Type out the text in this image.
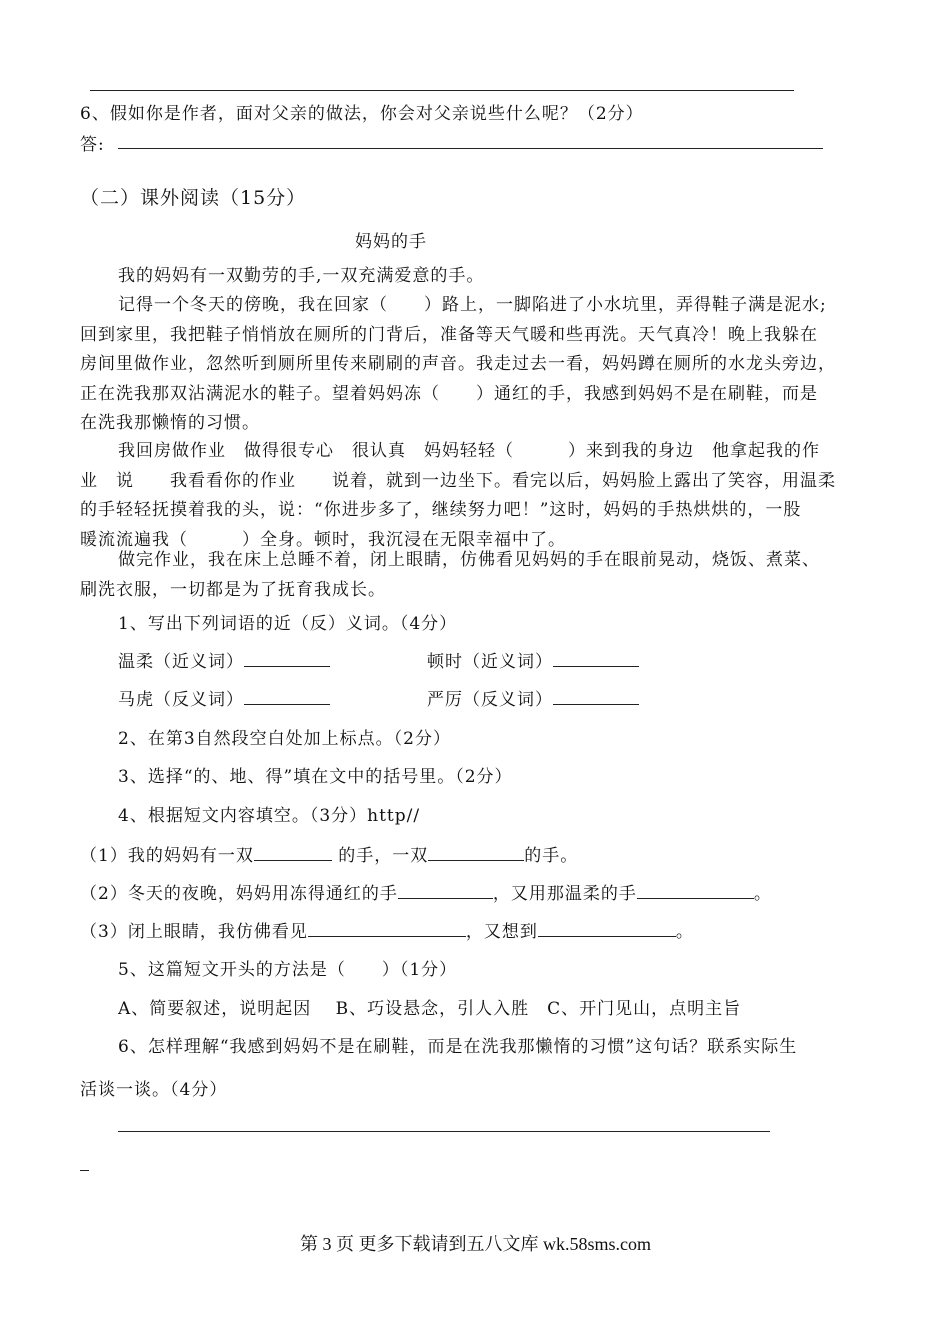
6、假如你是作者，面对父亲的做法，你会对父亲说些什么呢？（2分）
答:
（二）课外阅读（15分）
妈妈的手
我的妈妈有一双勤劳的手,一双充满爱意的手。
记得一个冬天的傍晚，我在回家（　　）路上，一脚陷进了小水坑里，弄得鞋子满是泥水;
回到家里，我把鞋子悄悄放在厕所的门背后，准备等天气暖和些再洗。天气真冷！晚上我躲在
房间里做作业，忽然听到厕所里传来刷刷的声音。我走过去一看，妈妈蹲在厕所的水龙头旁边，
正在洗我那双沾满泥水的鞋子。望着妈妈冻（　　）通红的手，我感到妈妈不是在刷鞋，而是
在洗我那懒惰的习惯。
我回房做作业　做得很专心　很认真　妈妈轻轻（　　　）来到我的身边　他拿起我的作
业　说　　我看看你的作业　　说着，就到一边坐下。看完以后，妈妈脸上露出了笑容，用温柔
的手轻轻抚摸着我的头，说：“你进步多了，继续努力吧！”这时，妈妈的手热烘烘的，一股
暖流流遍我（　　　）全身。顿时，我沉浸在无限幸福中了。
做完作业，我在床上总睡不着，闭上眼睛，仿佛看见妈妈的手在眼前晃动，烧饭、煮菜、
刷洗衣服，一切都是为了抚育我成长。
1、写出下列词语的近（反）义词。（4分）
温柔（近义词）	顿时（近义词）
马虎（反义词）	严厉（反义词）
2、在第3自然段空白处加上标点。（2分）
3、选择“的、地、得”填在文中的括号里。（2分）
4、根据短文内容填空。（3分）http//
（1）我的妈妈有一双	的手，一双	的手。
（2）冬天的夜晚，妈妈用冻得通红的手	，又用那温柔的手	。
（3）闭上眼睛，我仿佛看见	，又想到	。
5、这篇短文开头的方法是（　　）（1分）
A、简要叙述，说明起因　 B、巧设悬念，引人入胜　C、开门见山，点明主旨
6、怎样理解“我感到妈妈不是在刷鞋，而是在洗我那懒惰的习惯”这句话？联系实际生
活谈一谈。（4分）
第 3 页 更多下载请到五八文库 wk.58sms.com
